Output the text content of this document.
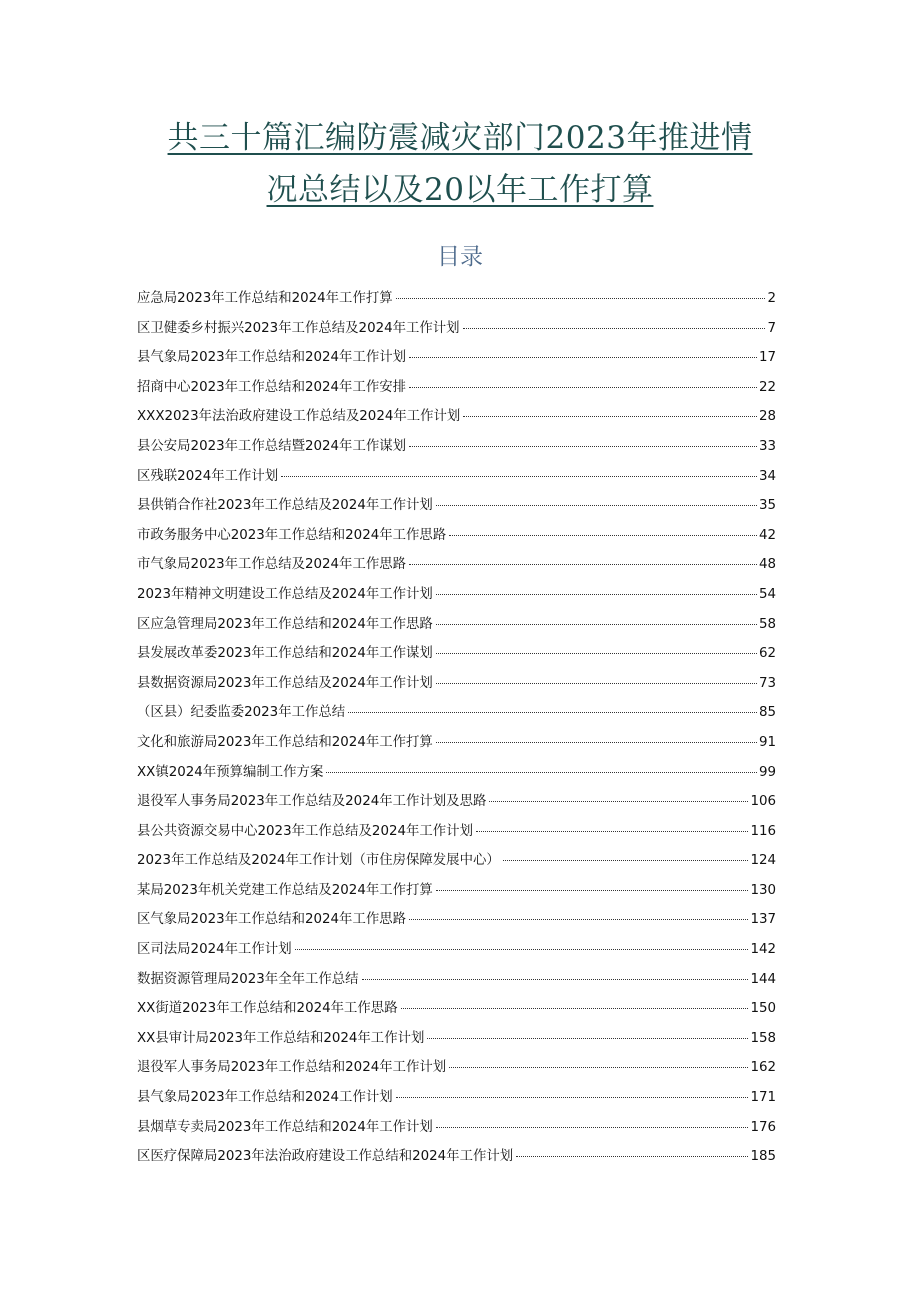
共三十篇汇编防震减灾部门2023年推进情
况总结以及20以年工作打算
目录
应急局2023年工作总结和2024年工作打算	2
区卫健委乡村振兴2023年工作总结及2024年工作计划	7
县气象局2023年工作总结和2024年工作计划	17
招商中心2023年工作总结和2024年工作安排	22
XXX2023年法治政府建设工作总结及2024年工作计划	28
县公安局2023年工作总结暨2024年工作谋划	33
区残联2024年工作计划	34
县供销合作社2023年工作总结及2024年工作计划	35
市政务服务中心2023年工作总结和2024年工作思路	42
市气象局2023年工作总结及2024年工作思路	48
2023年精神文明建设工作总结及2024年工作计划	54
区应急管理局2023年工作总结和2024年工作思路	58
县发展改革委2023年工作总结和2024年工作谋划	62
县数据资源局2023年工作总结及2024年工作计划	73
（区县）纪委监委2023年工作总结	85
文化和旅游局2023年工作总结和2024年工作打算	91
XX镇2024年预算编制工作方案	99
退役军人事务局2023年工作总结及2024年工作计划及思路	106
县公共资源交易中心2023年工作总结及2024年工作计划	116
2023年工作总结及2024年工作计划（市住房保障发展中心）	124
某局2023年机关党建工作总结及2024年工作打算	130
区气象局2023年工作总结和2024年工作思路	137
区司法局2024年工作计划	142
数据资源管理局2023年全年工作总结	144
XX街道2023年工作总结和2024年工作思路	150
XX县审计局2023年工作总结和2024年工作计划	158
退役军人事务局2023年工作总结和2024年工作计划	162
县气象局2023年工作总结和2024工作计划	171
县烟草专卖局2023年工作总结和2024年工作计划	176
区医疗保障局2023年法治政府建设工作总结和2024年工作计划	185
